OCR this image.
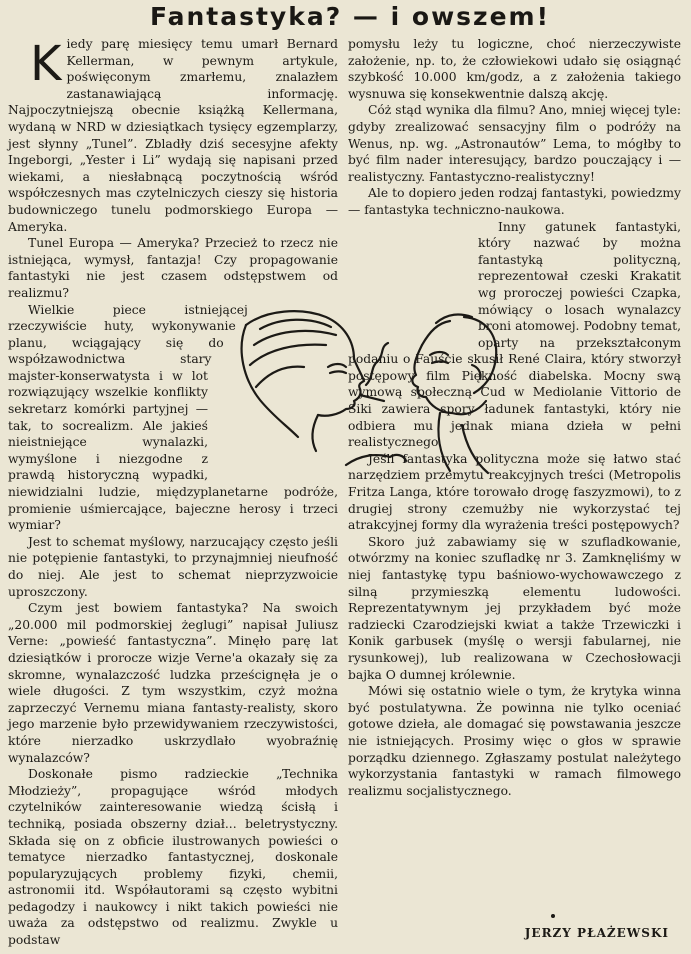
Fantastyka? — i owszem!

Kiedy parę miesięcy temu umarł Bernard Kellerman, w pewnym artykule, poświęconym zmarłemu, znalazłem zastanawiającą informację. Najpoczytniejszą obecnie książką Kellermana, wydaną w NRD w dziesiątkach tysięcy egzemplarzy, jest słynny „Tunel”. Zbladły dziś secesyjne afekty Ingeborgi, „Yester i Li” wydają się napisani przed wiekami, a niesłabnącą poczytnością wśród współczesnych mas czytelniczych cieszy się historia budowniczego tunelu podmorskiego Europa — Ameryka.

Tunel Europa — Ameryka? Przecież to rzecz nie istniejąca, wymysł, fantazja! Czy propagowanie fantastyki nie jest czasem odstępstwem od realizmu?

Wielkie piece istniejącej rzeczywiście huty, wykonywanie planu, wciągający się do współzawodnictwa stary majster-konserwatysta i w lot rozwiązujący wszelkie konflikty sekretarz komórki partyjnej — tak, to socrealizm. Ale jakieś nieistniejące wynalazki, wymyślone i niezgodne z prawdą historyczną wypadki, niewidzialni ludzie, międzyplanetarne podróże, promienie uśmiercające, bajeczne herosy i trzeci wymiar?

Jest to schemat myślowy, narzucający często jeśli nie potępienie fantastyki, to przynajmniej nieufność do niej. Ale jest to schemat nieprzyzwoicie uproszczony.

Czym jest bowiem fantastyka? Na swoich „20.000 mil podmorskiej żeglugi” napisał Juliusz Verne: „powieść fantastyczna”. Minęło parę lat dziesiątków i proroczе wizje Verne'a okazały się za skromne, wynalazczość ludzka prześcignęła je o wiele długości. Z tym wszystkim, czyż można zaprzeczyć Vernemu miana fantasty-realisty, skoro jego marzenie było przewidywaniem rzeczywistości, które nierzadko uskrzydlało wyobraźnię wynalazców?

Doskonałe pismo radzieckie „Technika Młodzieży”, propagujące wśród młodych czytelników zainteresowanie wiedzą ścisłą i techniką, posiada obszerny dział... beletrystyczny. Składa się on z obficie ilustrowanych powieści o tematyce nierzadko fantastycznej, doskonale popularyzujących problemy fizyki, chemii, astronomii itd. Współautorami są często wybitni pedagodzy i naukowcy i nikt takich powieści nie uważa za odstępstwo od realizmu. Zwykle u podstaw

pomysłu leży tu logiczne, choć nierzeczywiste założenie, np. to, że człowiekowi udało się osiągnąć szybkość 10.000 km/godz, a z założenia takiego wysnuwa się konsekwentnie dalszą akcję.

Cóż stąd wynika dla filmu? Ano, mniej więcej tyle: gdyby zrealizować sensacyjny film o podróży na Wenus, np. wg. „Astronautów” Lema, to mógłby to być film nader interesujący, bardzo pouczający i — realistyczny. Fantastyczno-realistyczny!

Ale to dopiero jeden rodzaj fantastyki, powiedzmy — fantastyka techniczno-naukowa.

Inny gatunek fantastyki, który nazwać by można fantastyką polityczną, reprezentował czeski Krakatit wg proroczej powieści Czapka, mówiący o losach wynalazcy broni atomowej. Podobny temat, oparty na przekształconym podaniu o Fauście skusił René Claira, który stworzył postępowy film Piękność diabelska. Mocny swą wymową społeczną Cud w Mediolanie Vittorio de Siki zawiera spory ładunek fantastyki, który nie odbiera mu jednak miana dzieła w pełni realistycznego.

Jeśli fantastyka polityczna może się łatwo stać narzędziem przemytu reakcyjnych treści (Metropolis Fritza Langa, które torowało drogę faszyzmowi), to z drugiej strony czemużby nie wykorzystać tej atrakcyjnej formy dla wyrażenia treści postępowych?

Skoro już zabawiamy się w szufladkowanie, otwórzmy na koniec szufladkę nr 3. Zamknęliśmy w niej fantastykę typu baśniowo-wychowawczego z silną przymieszką elementu ludowości. Reprezentatywnym jej przykładem być może radziecki Czarodziejski kwiat a także Trzewiczki i Konik garbusek (myślę o wersji fabularnej, nie rysunkowej), lub realizowana w Czechosłowacji bajka O dumnej królewnie.

Mówi się ostatnio wiele o tym, że krytyka winna być postulatywna. Że powinna nie tylko oceniać gotowe dzieła, ale domagać się powstawania jeszcze nie istniejących. Prosimy więc o głos w sprawie porządku dziennego. Zgłaszamy postulat należytego wykorzystania fantastyki w ramach filmowego realizmu socjalistycznego.

JERZY PŁAŻEWSKI
